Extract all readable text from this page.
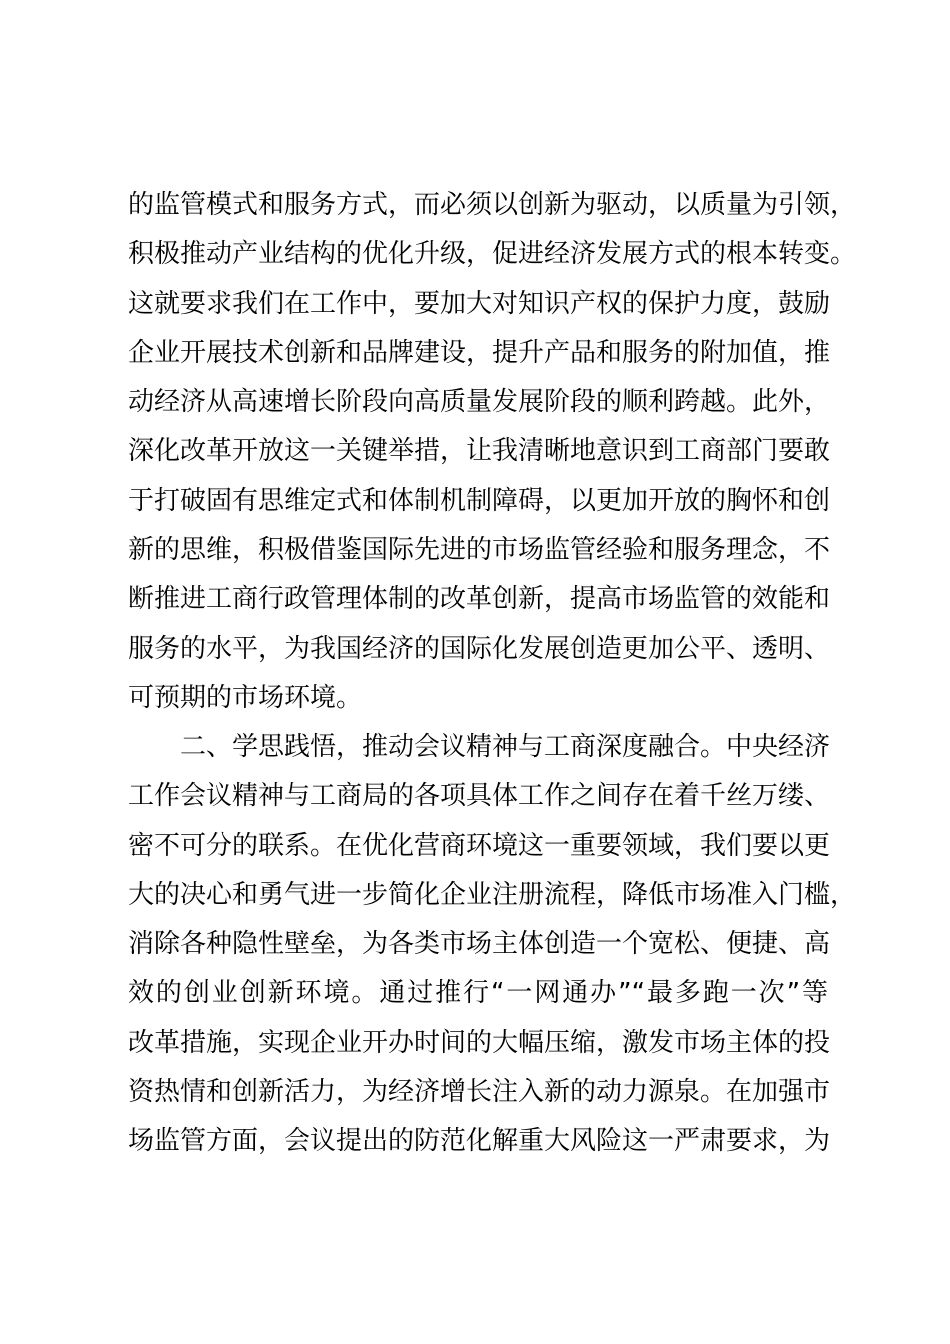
的监管模式和服务方式，而必须以创新为驱动，以质量为引领，
积极推动产业结构的优化升级，促进经济发展方式的根本转变。
这就要求我们在工作中，要加大对知识产权的保护力度，鼓励
企业开展技术创新和品牌建设，提升产品和服务的附加值，推
动经济从高速增长阶段向高质量发展阶段的顺利跨越。此外，
深化改革开放这一关键举措，让我清晰地意识到工商部门要敢
于打破固有思维定式和体制机制障碍，以更加开放的胸怀和创
新的思维，积极借鉴国际先进的市场监管经验和服务理念，不
断推进工商行政管理体制的改革创新，提高市场监管的效能和
服务的水平，为我国经济的国际化发展创造更加公平、透明、
可预期的市场环境。
二、学思践悟，推动会议精神与工商深度融合。中央经济
工作会议精神与工商局的各项具体工作之间存在着千丝万缕、
密不可分的联系。在优化营商环境这一重要领域，我们要以更
大的决心和勇气进一步简化企业注册流程，降低市场准入门槛，
消除各种隐性壁垒，为各类市场主体创造一个宽松、便捷、高
效的创业创新环境。通过推行“一网通办”“最多跑一次”等
改革措施，实现企业开办时间的大幅压缩，激发市场主体的投
资热情和创新活力，为经济增长注入新的动力源泉。在加强市
场监管方面，会议提出的防范化解重大风险这一严肃要求，为
